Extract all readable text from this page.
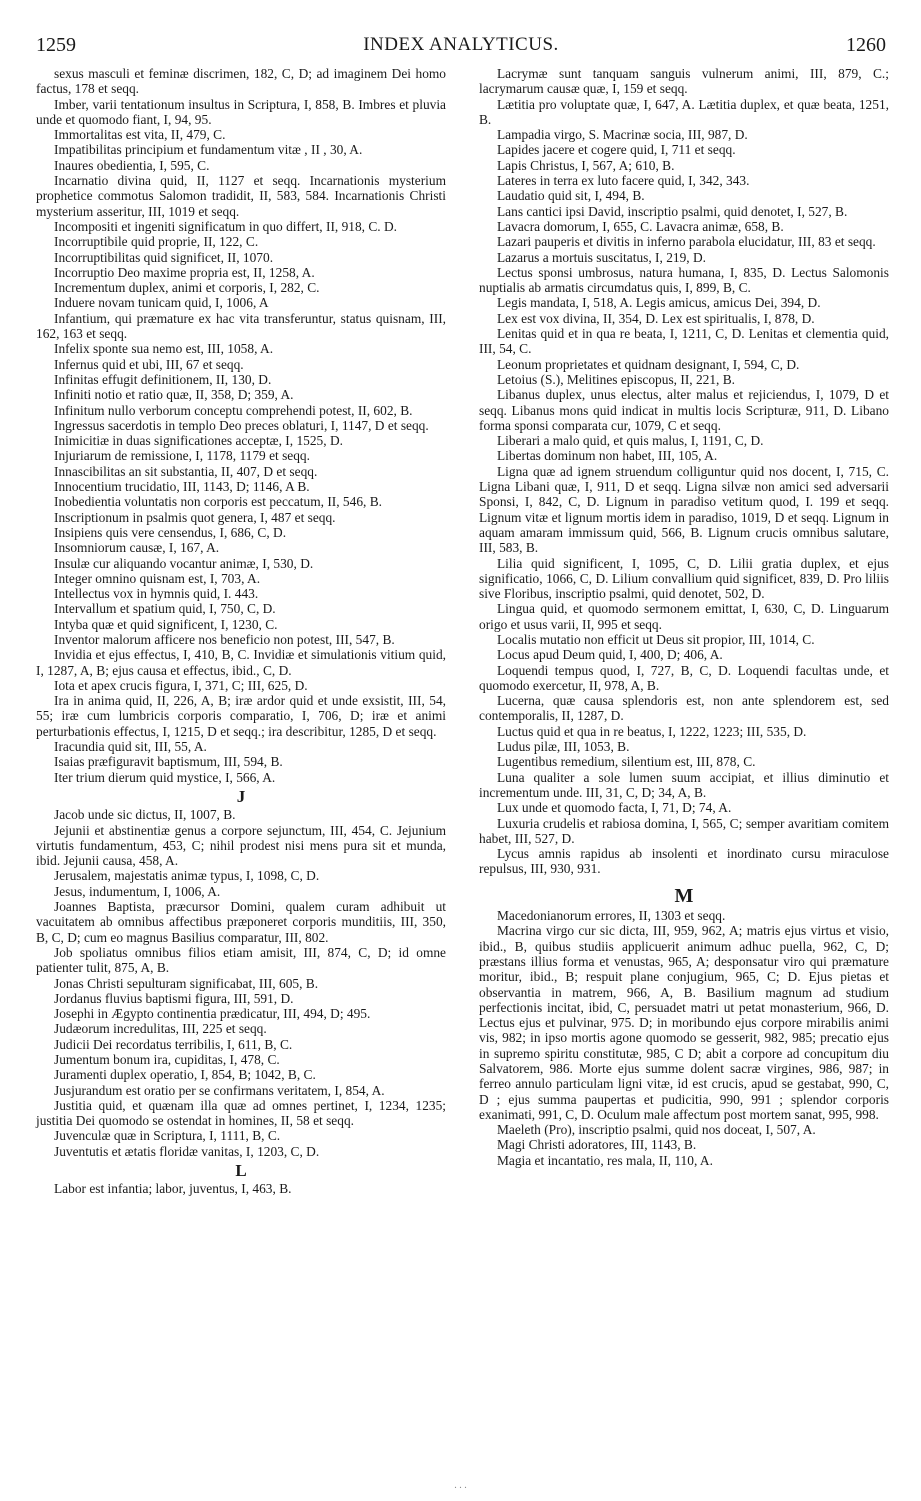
1259	INDEX ANALYTICUS.	1260

sexus masculi et feminæ discrimen, 182, C, D; ad imaginem Dei homo factus, 178 et seqq.

Imber, varii tentationum insultus in Scriptura, I, 858, B. Imbres et pluvia unde et quomodo fiant, I, 94, 95.

Immortalitas est vita, II, 479, C.

Impatibilitas principium et fundamentum vitæ , II , 30, A.

Inaures obedientia, I, 595, C.

Incarnatio divina quid, II, 1127 et seqq. Incarnationis mysterium prophetice commotus Salomon tradidit, II, 583, 584. Incarnationis Christi mysterium asseritur, III, 1019 et seqq.

Incompositi et ingeniti significatum in quo differt, II, 918, C. D.

Incorruptibile quid proprie, II, 122, C.

Incorruptibilitas quid significet, II, 1070.

Incorruptio Deo maxime propria est, II, 1258, A.

Incrementum duplex, animi et corporis, I, 282, C.

Induere novam tunicam quid, I, 1006, A

Infantium, qui præmature ex hac vita transferuntur, status quisnam, III, 162, 163 et seqq.

Infelix sponte sua nemo est, III, 1058, A.

Infernus quid et ubi, III, 67 et seqq.

Infinitas effugit definitionem, II, 130, D.

Infiniti notio et ratio quæ, II, 358, D; 359, A.

Infinitum nullo verborum conceptu comprehendi potest, II, 602, B.

Ingressus sacerdotis in templo Deo preces oblaturi, I, 1147, D et seqq.

Inimicitiæ in duas significationes acceptæ, I, 1525, D.

Injuriarum de remissione, I, 1178, 1179 et seqq.

Innascibilitas an sit substantia, II, 407, D et seqq.

Innocentium trucidatio, III, 1143, D; 1146, A B.

Inobedientia voluntatis non corporis est peccatum, II, 546, B.

Inscriptionum in psalmis quot genera, I, 487 et seqq.

Insipiens quis vere censendus, I, 686, C, D.

Insomniorum causæ, I, 167, A.

Insulæ cur aliquando vocantur animæ, I, 530, D.

Integer omnino quisnam est, I, 703, A.

Intellectus vox in hymnis quid, I. 443.

Intervallum et spatium quid, I, 750, C, D.

Intyba quæ et quid significent, I, 1230, C.

Inventor malorum afficere nos beneficio non potest, III, 547, B.

Invidia et ejus effectus, I, 410, B, C. Invidiæ et simulationis vitium quid, I, 1287, A, B; ejus causa et effectus, ibid., C, D.

Iota et apex crucis figura, I, 371, C; III, 625, D.

Ira in anima quid, II, 226, A, B; iræ ardor quid et unde exsistit, III, 54, 55; iræ cum lumbricis corporis comparatio, I, 706, D; iræ et animi perturbationis effectus, I, 1215, D et seqq.; ira describitur, 1285, D et seqq.

Iracundia quid sit, III, 55, A.

Isaias præfiguravit baptismum, III, 594, B.

Iter trium dierum quid mystice, I, 566, A.

J

Jacob unde sic dictus, II, 1007, B.

Jejunii et abstinentiæ genus a corpore sejunctum, III, 454, C. Jejunium virtutis fundamentum, 453, C; nihil prodest nisi mens pura sit et munda, ibid. Jejunii causa, 458, A.

Jerusalem, majestatis animæ typus, I, 1098, C, D.

Jesus, indumentum, I, 1006, A.

Joannes Baptista, præcursor Domini, qualem curam adhibuit ut vacuitatem ab omnibus affectibus præponeret corporis munditiis, III, 350, B, C, D; cum eo magnus Basilius comparatur, III, 802.

Job spoliatus omnibus filios etiam amisit, III, 874, C, D; id omne patienter tulit, 875, A, B.

Jonas Christi sepulturam significabat, III, 605, B.

Jordanus fluvius baptismi figura, III, 591, D.

Josephi in Ægypto continentia prædicatur, III, 494, D; 495.

Judæorum incredulitas, III, 225 et seqq.

Judicii Dei recordatus terribilis, I, 611, B, C.

Jumentum bonum ira, cupiditas, I, 478, C.

Juramenti duplex operatio, I, 854, B; 1042, B, C.

Jusjurandum est oratio per se confirmans veritatem, I, 854, A.

Justitia quid, et quænam illa quæ ad omnes pertinet, I, 1234, 1235; justitia Dei quomodo se ostendat in homines, II, 58 et seqq.

Juvenculæ quæ in Scriptura, I, 1111, B, C.

Juventutis et ætatis floridæ vanitas, I, 1203, C, D.

L

Labor est infantia; labor, juventus, I, 463, B.

Lacrymæ sunt tanquam sanguis vulnerum animi, III, 879, C.; lacrymarum causæ quæ, I, 159 et seqq.

Lætitia pro voluptate quæ, I, 647, A. Lætitia duplex, et quæ beata, 1251, B.

Lampadia virgo, S. Macrinæ socia, III, 987, D.

Lapides jacere et cogere quid, I, 711 et seqq.

Lapis Christus, I, 567, A; 610, B.

Lateres in terra ex luto facere quid, I, 342, 343.

Laudatio quid sit, I, 494, B.

Lans cantici ipsi David, inscriptio psalmi, quid denotet, I, 527, B.

Lavacra domorum, I, 655, C. Lavacra animæ, 658, B.

Lazari pauperis et divitis in inferno parabola elucidatur, III, 83 et seqq.

Lazarus a mortuis suscitatus, I, 219, D.

Lectus sponsi umbrosus, natura humana, I, 835, D. Lectus Salomonis nuptialis ab armatis circumdatus quis, I, 899, B, C.

Legis mandata, I, 518, A. Legis amicus, amicus Dei, 394, D.

Lex est vox divina, II, 354, D. Lex est spiritualis, I, 878, D.

Lenitas quid et in qua re beata, I, 1211, C, D. Lenitas et clementia quid, III, 54, C.

Leonum proprietates et quidnam designant, I, 594, C, D.

Letoius (S.), Melitines episcopus, II, 221, B.

Libanus duplex, unus electus, alter malus et rejiciendus, I, 1079, D et seqq. Libanus mons quid indicat in multis locis Scripturæ, 911, D. Libano forma sponsi comparata cur, 1079, C et seqq.

Liberari a malo quid, et quis malus, I, 1191, C, D.

Libertas dominum non habet, III, 105, A.

Ligna quæ ad ignem struendum colliguntur quid nos docent, I, 715, C. Ligna Libani quæ, I, 911, D et seqq. Ligna silvæ non amici sed adversarii Sponsi, I, 842, C, D. Lignum in paradiso vetitum quod, I. 199 et seqq. Lignum vitæ et lignum mortis idem in paradiso, 1019, D et seqq. Lignum in aquam amaram immissum quid, 566, B. Lignum crucis omnibus salutare, III, 583, B.

Lilia quid significent, I, 1095, C, D. Lilii gratia duplex, et ejus significatio, 1066, C, D. Lilium convallium quid significet, 839, D. Pro liliis sive Floribus, inscriptio psalmi, quid denotet, 502, D.

Lingua quid, et quomodo sermonem emittat, I, 630, C, D. Linguarum origo et usus varii, II, 995 et seqq.

Localis mutatio non efficit ut Deus sit propior, III, 1014, C.

Locus apud Deum quid, I, 400, D; 406, A.

Loquendi tempus quod, I, 727, B, C, D. Loquendi facultas unde, et quomodo exercetur, II, 978, A, B.

Lucerna, quæ causa splendoris est, non ante splendorem est, sed contemporalis, II, 1287, D.

Luctus quid et qua in re beatus, I, 1222, 1223; III, 535, D.

Ludus pilæ, III, 1053, B.

Lugentibus remedium, silentium est, III, 878, C.

Luna qualiter a sole lumen suum accipiat, et illius diminutio et incrementum unde. III, 31, C, D; 34, A, B.

Lux unde et quomodo facta, I, 71, D; 74, A.

Luxuria crudelis et rabiosa domina, I, 565, C; semper avaritiam comitem habet, III, 527, D.

Lycus amnis rapidus ab insolenti et inordinato cursu miraculose repulsus, III, 930, 931.

M

Macedonianorum errores, II, 1303 et seqq.

Macrina virgo cur sic dicta, III, 959, 962, A; matris ejus virtus et visio, ibid., B, quibus studiis applicuerit animum adhuc puella, 962, C, D; præstans illius forma et venustas, 965, A; desponsatur viro qui præmature moritur, ibid., B; respuit plane conjugium, 965, C; D. Ejus pietas et observantia in matrem, 966, A, B. Basilium magnum ad studium perfectionis incitat, ibid, C, persuadet matri ut petat monasterium, 966, D. Lectus ejus et pulvinar, 975. D; in moribundo ejus corpore mirabilis animi vis, 982; in ipso mortis agone quomodo se gesserit, 982, 985; precatio ejus in supremo spiritu constitutæ, 985, C D; abit a corpore ad concupitum diu Salvatorem, 986. Morte ejus summe dolent sacræ virgines, 986, 987; in ferreo annulo particulam ligni vitæ, id est crucis, apud se gestabat, 990, C, D ; ejus summa paupertas et pudicitia, 990, 991 ; splendor corporis exanimati, 991, C, D. Oculum male affectum post mortem sanat, 995, 998.

Maeleth (Pro), inscriptio psalmi, quid nos doceat, I, 507, A.

Magi Christi adoratores, III, 1143, B.

Magia et incantatio, res mala, II, 110, A.

. . .
